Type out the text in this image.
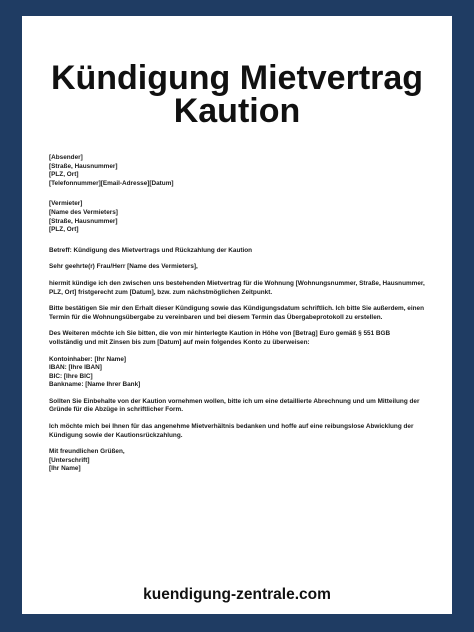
Kündigung Mietvertrag
Kaution
[Absender]
[Straße, Hausnummer]
[PLZ, Ort]
[Telefonnummer][Email-Adresse][Datum]
[Vermieter]
[Name des Vermieters]
[Straße, Hausnummer]
[PLZ, Ort]
Betreff: Kündigung des Mietvertrags und Rückzahlung der Kaution
Sehr geehrte(r) Frau/Herr [Name des Vermieters],
hiermit kündige ich den zwischen uns bestehenden Mietvertrag für die Wohnung [Wohnungsnummer, Straße, Hausnummer, PLZ, Ort] fristgerecht zum [Datum], bzw. zum nächstmöglichen Zeitpunkt.
Bitte bestätigen Sie mir den Erhalt dieser Kündigung sowie das Kündigungsdatum schriftlich. Ich bitte Sie außerdem, einen Termin für die Wohnungsübergabe zu vereinbaren und bei diesem Termin das Übergabeprotokoll zu erstellen.
Des Weiteren möchte ich Sie bitten, die von mir hinterlegte Kaution in Höhe von [Betrag] Euro gemäß § 551 BGB vollständig und mit Zinsen bis zum [Datum] auf mein folgendes Konto zu überweisen:
Kontoinhaber: [Ihr Name]
IBAN: [Ihre IBAN]
BIC: [Ihre BIC]
Bankname: [Name Ihrer Bank]
Sollten Sie Einbehalte von der Kaution vornehmen wollen, bitte ich um eine detaillierte Abrechnung und um Mitteilung der Gründe für die Abzüge in schriftlicher Form.
Ich möchte mich bei Ihnen für das angenehme Mietverhältnis bedanken und hoffe auf eine reibungslose Abwicklung der Kündigung sowie der Kautionsrückzahlung.
Mit freundlichen Grüßen,
[Unterschrift]
[Ihr Name]
kuendigung-zentrale.com
